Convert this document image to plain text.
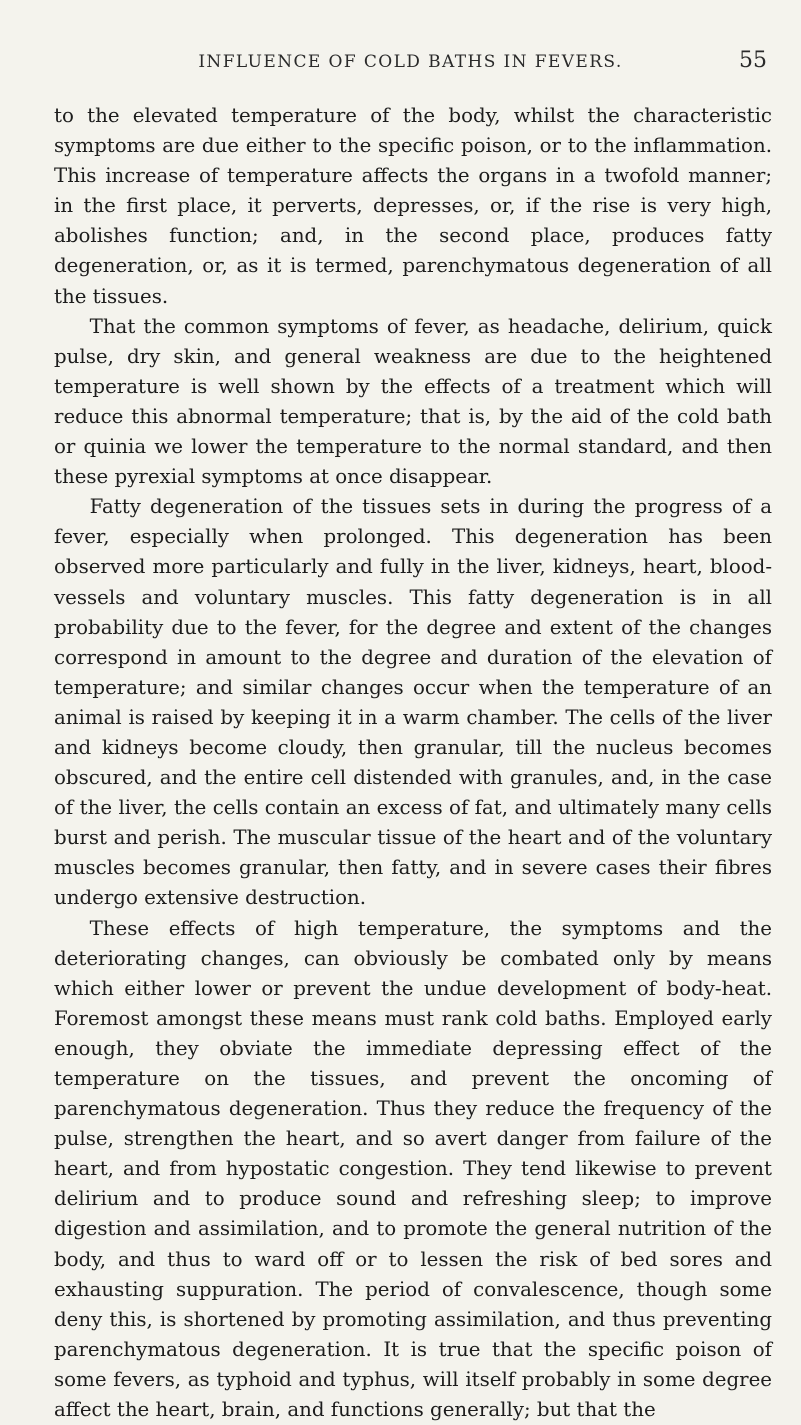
INFLUENCE OF COLD BATHS IN FEVERS.	55

to the elevated temperature of the body, whilst the characteristic symptoms are due either to the specific poison, or to the inflammation. This increase of temperature affects the organs in a twofold manner; in the first place, it perverts, depresses, or, if the rise is very high, abolishes function; and, in the second place, produces fatty degeneration, or, as it is termed, parenchymatous degeneration of all the tissues.

That the common symptoms of fever, as headache, delirium, quick pulse, dry skin, and general weakness are due to the heightened temperature is well shown by the effects of a treatment which will reduce this abnormal temperature; that is, by the aid of the cold bath or quinia we lower the temperature to the normal standard, and then these pyrexial symptoms at once disappear.

Fatty degeneration of the tissues sets in during the progress of a fever, especially when prolonged. This degeneration has been observed more particularly and fully in the liver, kidneys, heart, blood-vessels and voluntary muscles. This fatty degeneration is in all probability due to the fever, for the degree and extent of the changes correspond in amount to the degree and duration of the elevation of temperature; and similar changes occur when the temperature of an animal is raised by keeping it in a warm chamber. The cells of the liver and kidneys become cloudy, then granular, till the nucleus becomes obscured, and the entire cell distended with granules, and, in the case of the liver, the cells contain an excess of fat, and ultimately many cells burst and perish. The muscular tissue of the heart and of the voluntary muscles becomes granular, then fatty, and in severe cases their fibres undergo extensive destruction.

These effects of high temperature, the symptoms and the deteriorating changes, can obviously be combated only by means which either lower or prevent the undue development of body-heat. Foremost amongst these means must rank cold baths. Employed early enough, they obviate the immediate depressing effect of the temperature on the tissues, and prevent the oncoming of parenchymatous degeneration. Thus they reduce the frequency of the pulse, strengthen the heart, and so avert danger from failure of the heart, and from hypostatic congestion. They tend likewise to prevent delirium and to produce sound and refreshing sleep; to improve digestion and assimilation, and to promote the general nutrition of the body, and thus to ward off or to lessen the risk of bed sores and exhausting suppuration. The period of convalescence, though some deny this, is shortened by promoting assimilation, and thus preventing parenchymatous degeneration. It is true that the specific poison of some fevers, as typhoid and typhus, will itself probably in some degree affect the heart, brain, and functions generally; but that the
